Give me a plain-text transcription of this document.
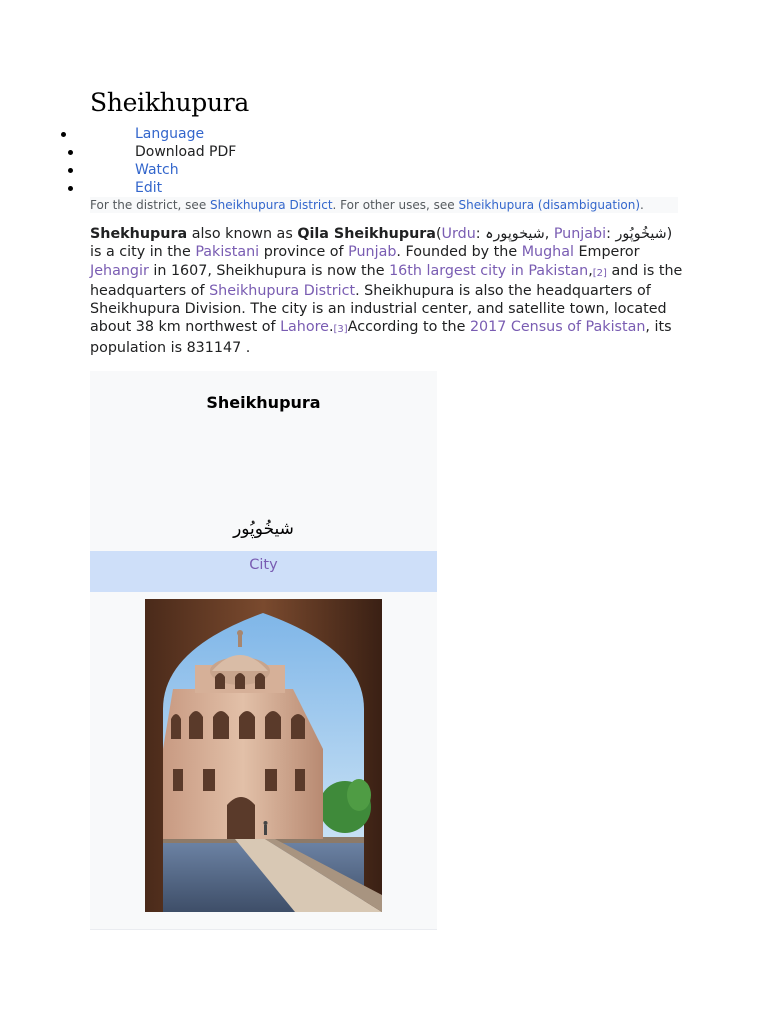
Sheikhupura
Language
Download PDF
Watch
Edit
For the district, see Sheikhupura District. For other uses, see Sheikhupura (disambiguation).

Shekhupura also known as Qila Sheikhupura(Urdu: شیخوپورہ, Punjabi: شیخُوپُور) is a city in the Pakistani province of Punjab. Founded by the Mughal Emperor Jehangir in 1607, Sheikhupura is now the 16th largest city in Pakistan,[2] and is the headquarters of Sheikhupura District. Sheikhupura is also the headquarters of Sheikhupura Division. The city is an industrial center, and satellite town, located about 38 km northwest of Lahore.[3]According to the 2017 Census of Pakistan, its population is 831147 .

Sheikhupura
شیخُوپُور
City
